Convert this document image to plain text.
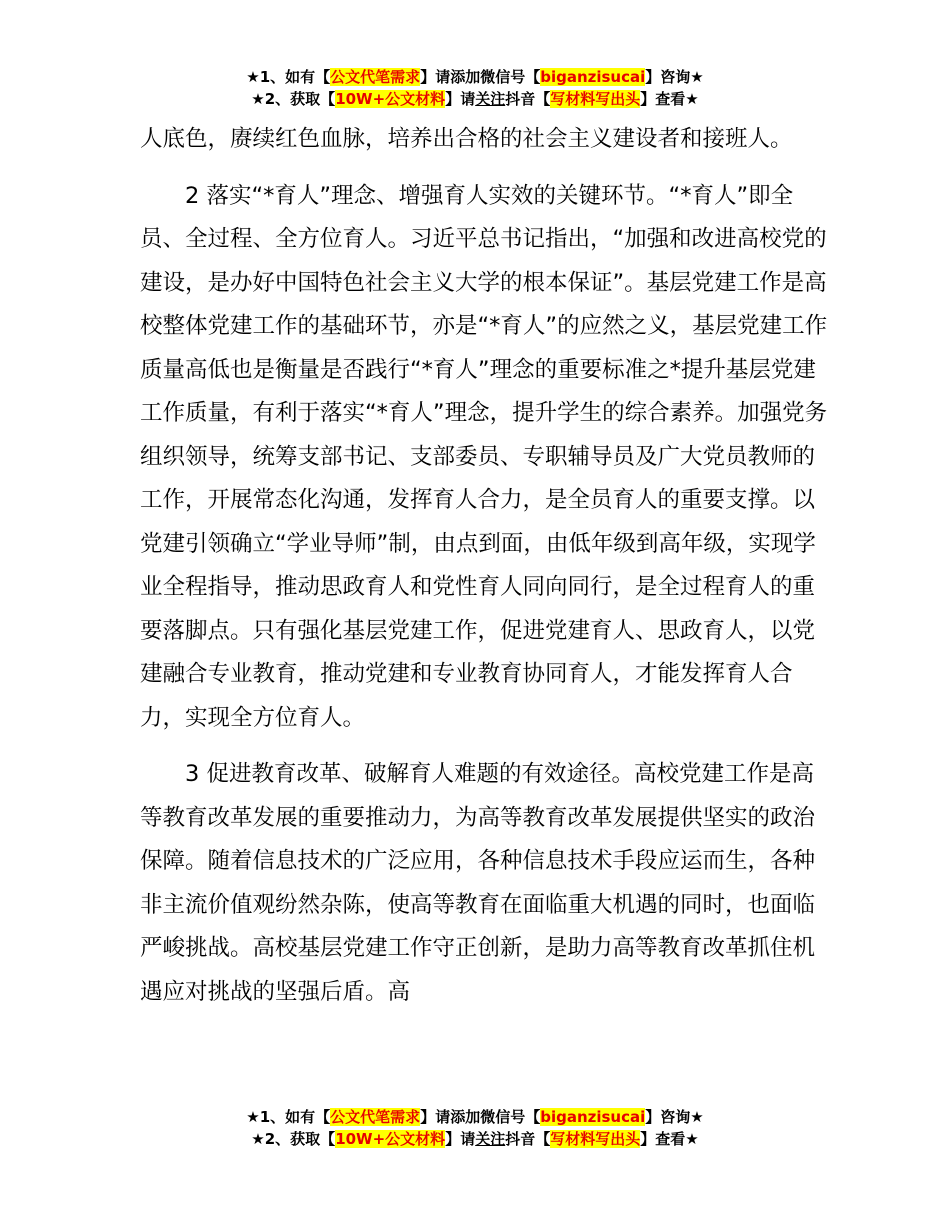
★1、如有【公文代笔需求】请添加微信号【biganzisucai】咨询★
★2、获取【10W+公文材料】请关注抖音【写材料写出头】查看★

人底色，赓续红色血脉，培养出合格的社会主义建设者和接班人。

2 落实“*育人”理念、增强育人实效的关键环节。“*育人”即全员、全过程、全方位育人。习近平总书记指出，“加强和改进高校党的建设，是办好中国特色社会主义大学的根本保证”。基层党建工作是高校整体党建工作的基础环节，亦是“*育人”的应然之义，基层党建工作质量高低也是衡量是否践行“*育人”理念的重要标准之*提升基层党建工作质量，有利于落实“*育人”理念，提升学生的综合素养。加强党务组织领导，统筹支部书记、支部委员、专职辅导员及广大党员教师的工作，开展常态化沟通，发挥育人合力，是全员育人的重要支撑。以党建引领确立“学业导师”制，由点到面，由低年级到高年级，实现学业全程指导，推动思政育人和党性育人同向同行，是全过程育人的重要落脚点。只有强化基层党建工作，促进党建育人、思政育人，以党建融合专业教育，推动党建和专业教育协同育人，才能发挥育人合力，实现全方位育人。

3 促进教育改革、破解育人难题的有效途径。高校党建工作是高等教育改革发展的重要推动力，为高等教育改革发展提供坚实的政治保障。随着信息技术的广泛应用，各种信息技术手段应运而生，各种非主流价值观纷然杂陈，使高等教育在面临重大机遇的同时，也面临严峻挑战。高校基层党建工作守正创新，是助力高等教育改革抓住机遇应对挑战的坚强后盾。高

★1、如有【公文代笔需求】请添加微信号【biganzisucai】咨询★
★2、获取【10W+公文材料】请关注抖音【写材料写出头】查看★
